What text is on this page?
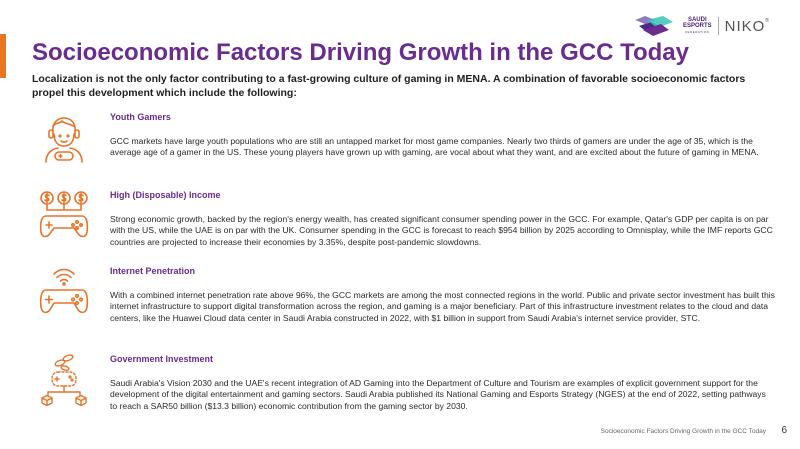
SAUDI
ESPORTS
FEDERATION NIKO®
Socioeconomic Factors Driving Growth in the GCC Today

Localization is not the only factor contributing to a fast-growing culture of gaming in MENA. A combination of favorable socioeconomic factors propel this development which include the following:

Youth Gamers

GCC markets have large youth populations who are still an untapped market for most game companies. Nearly two thirds of gamers are under the age of 35, which is the average age of a gamer in the US. These young players have grown up with gaming, are vocal about what they want, and are excited about the future of gaming in MENA.

High (Disposable) Income

Strong economic growth, backed by the region's energy wealth, has created significant consumer spending power in the GCC. For example, Qatar's GDP per capita is on par with the US, while the UAE is on par with the UK. Consumer spending in the GCC is forecast to reach $954 billion by 2025 according to Omnisplay, while the IMF reports GCC countries are projected to increase their economies by 3.35%, despite post-pandemic slowdowns.

Internet Penetration

With a combined internet penetration rate above 96%, the GCC markets are among the most connected regions in the world. Public and private sector investment has built this internet infrastructure to support digital transformation across the region, and gaming is a major beneficiary. Part of this infrastructure investment relates to the cloud and data centers, like the Huawei Cloud data center in Saudi Arabia constructed in 2022, with $1 billion in support from Saudi Arabia's internet service provider, STC.

Government Investment

Saudi Arabia's Vision 2030 and the UAE's recent integration of AD Gaming into the Department of Culture and Tourism are examples of explicit government support for the development of the digital entertainment and gaming sectors. Saudi Arabia published its National Gaming and Esports Strategy (NGES) at the end of 2022, setting pathways to reach a SAR50 billion ($13.3 billion) economic contribution from the gaming sector by 2030.

Socioeconomic Factors Driving Growth in the GCC Today 6
